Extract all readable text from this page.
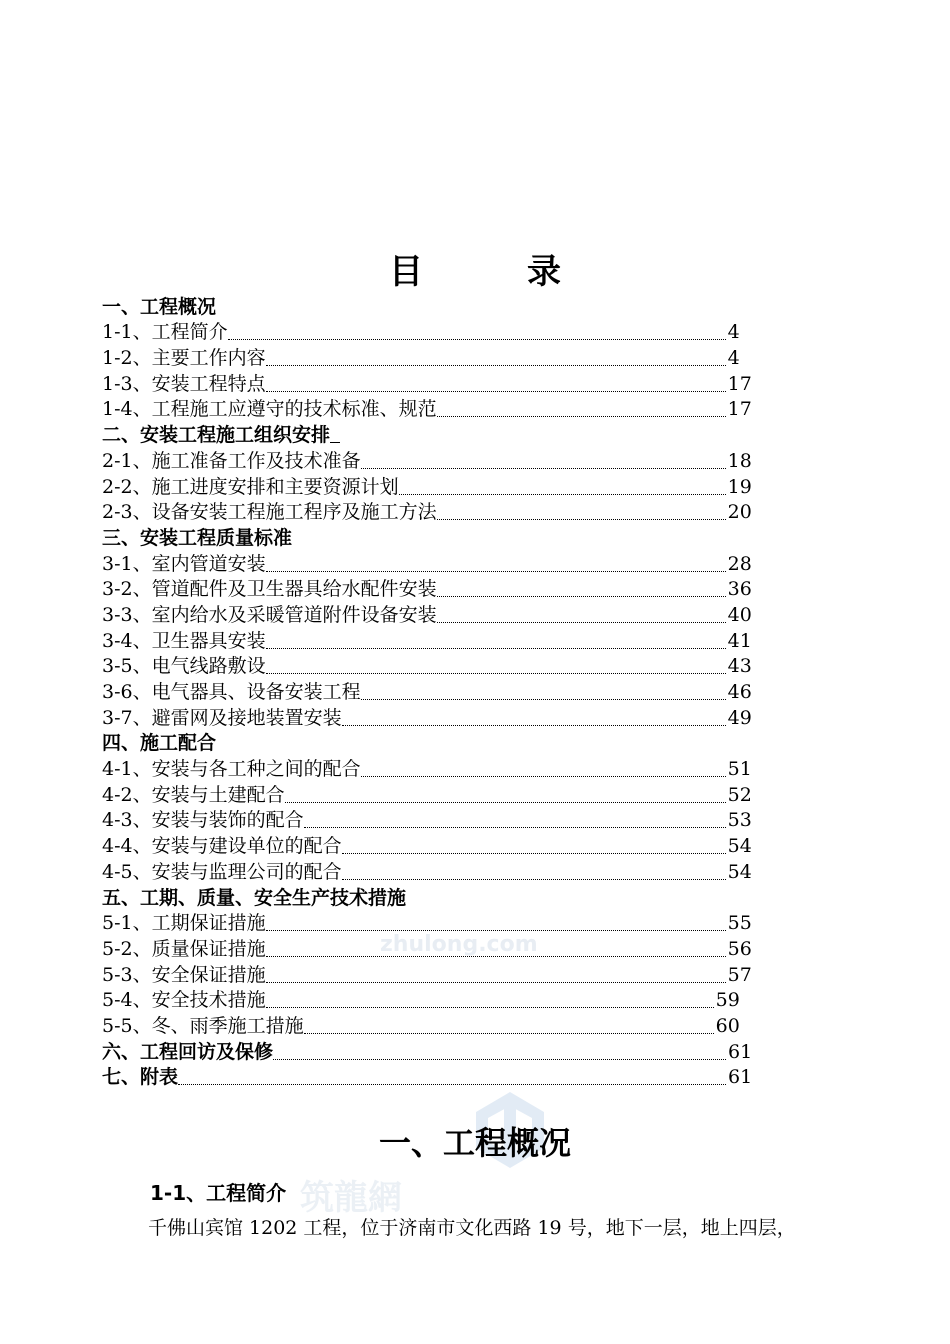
目	录
一、工程概况
1-1、工程简介	4
1-2、主要工作内容	4
1-3、安装工程特点	17
1-4、工程施工应遵守的技术标准、规范	17
二、安装工程施工组织安排
2-1、施工准备工作及技术准备	18
2-2、施工进度安排和主要资源计划	19
2-3、设备安装工程施工程序及施工方法	20
三、安装工程质量标准
3-1、室内管道安装	28
3-2、管道配件及卫生器具给水配件安装	36
3-3、室内给水及采暖管道附件设备安装	40
3-4、卫生器具安装	41
3-5、电气线路敷设	43
3-6、电气器具、设备安装工程	46
3-7、避雷网及接地装置安装	49
四、施工配合
4-1、安装与各工种之间的配合	51
4-2、安装与土建配合	52
4-3、安装与装饰的配合	53
4-4、安装与建设单位的配合	54
4-5、安装与监理公司的配合	54
五、工期、质量、安全生产技术措施
5-1、工期保证措施	55
5-2、质量保证措施	56
5-3、安全保证措施	57
5-4、安全技术措施	59
5-5、冬、雨季施工措施	60
六、工程回访及保修	61
七、附表	61
zhulong.com
筑龍網
一、工程概况
1-1、工程简介
千佛山宾馆 1202 工程，位于济南市文化西路 19 号，地下一层，地上四层，
